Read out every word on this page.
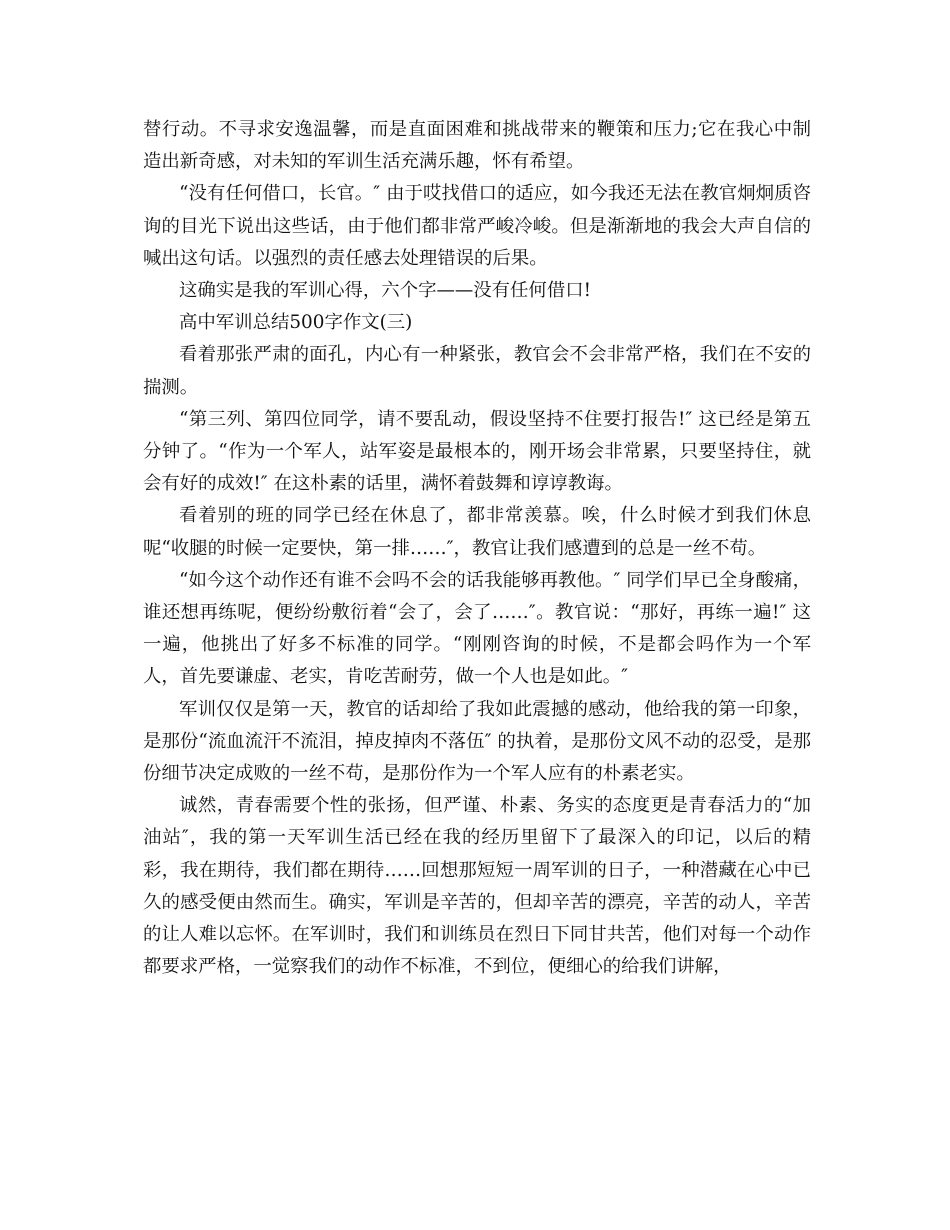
替行动。不寻求安逸温馨，而是直面困难和挑战带来的鞭策和压力;它在我心中制造出新奇感，对未知的军训生活充满乐趣，怀有希望。

“没有任何借口，长官。″ 由于哎找借口的适应，如今我还无法在教官炯炯质咨询的目光下说出这些话，由于他们都非常严峻冷峻。但是渐渐地的我会大声自信的喊出这句话。以强烈的责任感去处理错误的后果。

这确实是我的军训心得，六个字——没有任何借口!

高中军训总结500字作文(三)

看着那张严肃的面孔，内心有一种紧张，教官会不会非常严格，我们在不安的揣测。

“第三列、第四位同学，请不要乱动，假设坚持不住要打报告!″ 这已经是第五分钟了。“作为一个军人，站军姿是最根本的，刚开场会非常累，只要坚持住，就会有好的成效!″ 在这朴素的话里，满怀着鼓舞和谆谆教诲。

看着别的班的同学已经在休息了，都非常羡慕。唉，什么时候才到我们休息呢“收腿的时候一定要快，第一排……″，教官让我们感遭到的总是一丝不苟。

“如今这个动作还有谁不会吗不会的话我能够再教他。″ 同学们早已全身酸痛，谁还想再练呢，便纷纷敷衍着“会了，会了……″。教官说：“那好，再练一遍!″ 这一遍，他挑出了好多不标准的同学。“刚刚咨询的时候，不是都会吗作为一个军人，首先要谦虚、老实，肯吃苦耐劳，做一个人也是如此。″

军训仅仅是第一天，教官的话却给了我如此震撼的感动，他给我的第一印象，是那份“流血流汗不流泪，掉皮掉肉不落伍″ 的执着，是那份文风不动的忍受，是那份细节决定成败的一丝不苟，是那份作为一个军人应有的朴素老实。

诚然，青春需要个性的张扬，但严谨、朴素、务实的态度更是青春活力的“加油站″，我的第一天军训生活已经在我的经历里留下了最深入的印记，以后的精彩，我在期待，我们都在期待……回想那短短一周军训的日子，一种潜藏在心中已久的感受便由然而生。确实，军训是辛苦的，但却辛苦的漂亮，辛苦的动人，辛苦的让人难以忘怀。在军训时，我们和训练员在烈日下同甘共苦，他们对每一个动作都要求严格，一觉察我们的动作不标准，不到位，便细心的给我们讲解，
